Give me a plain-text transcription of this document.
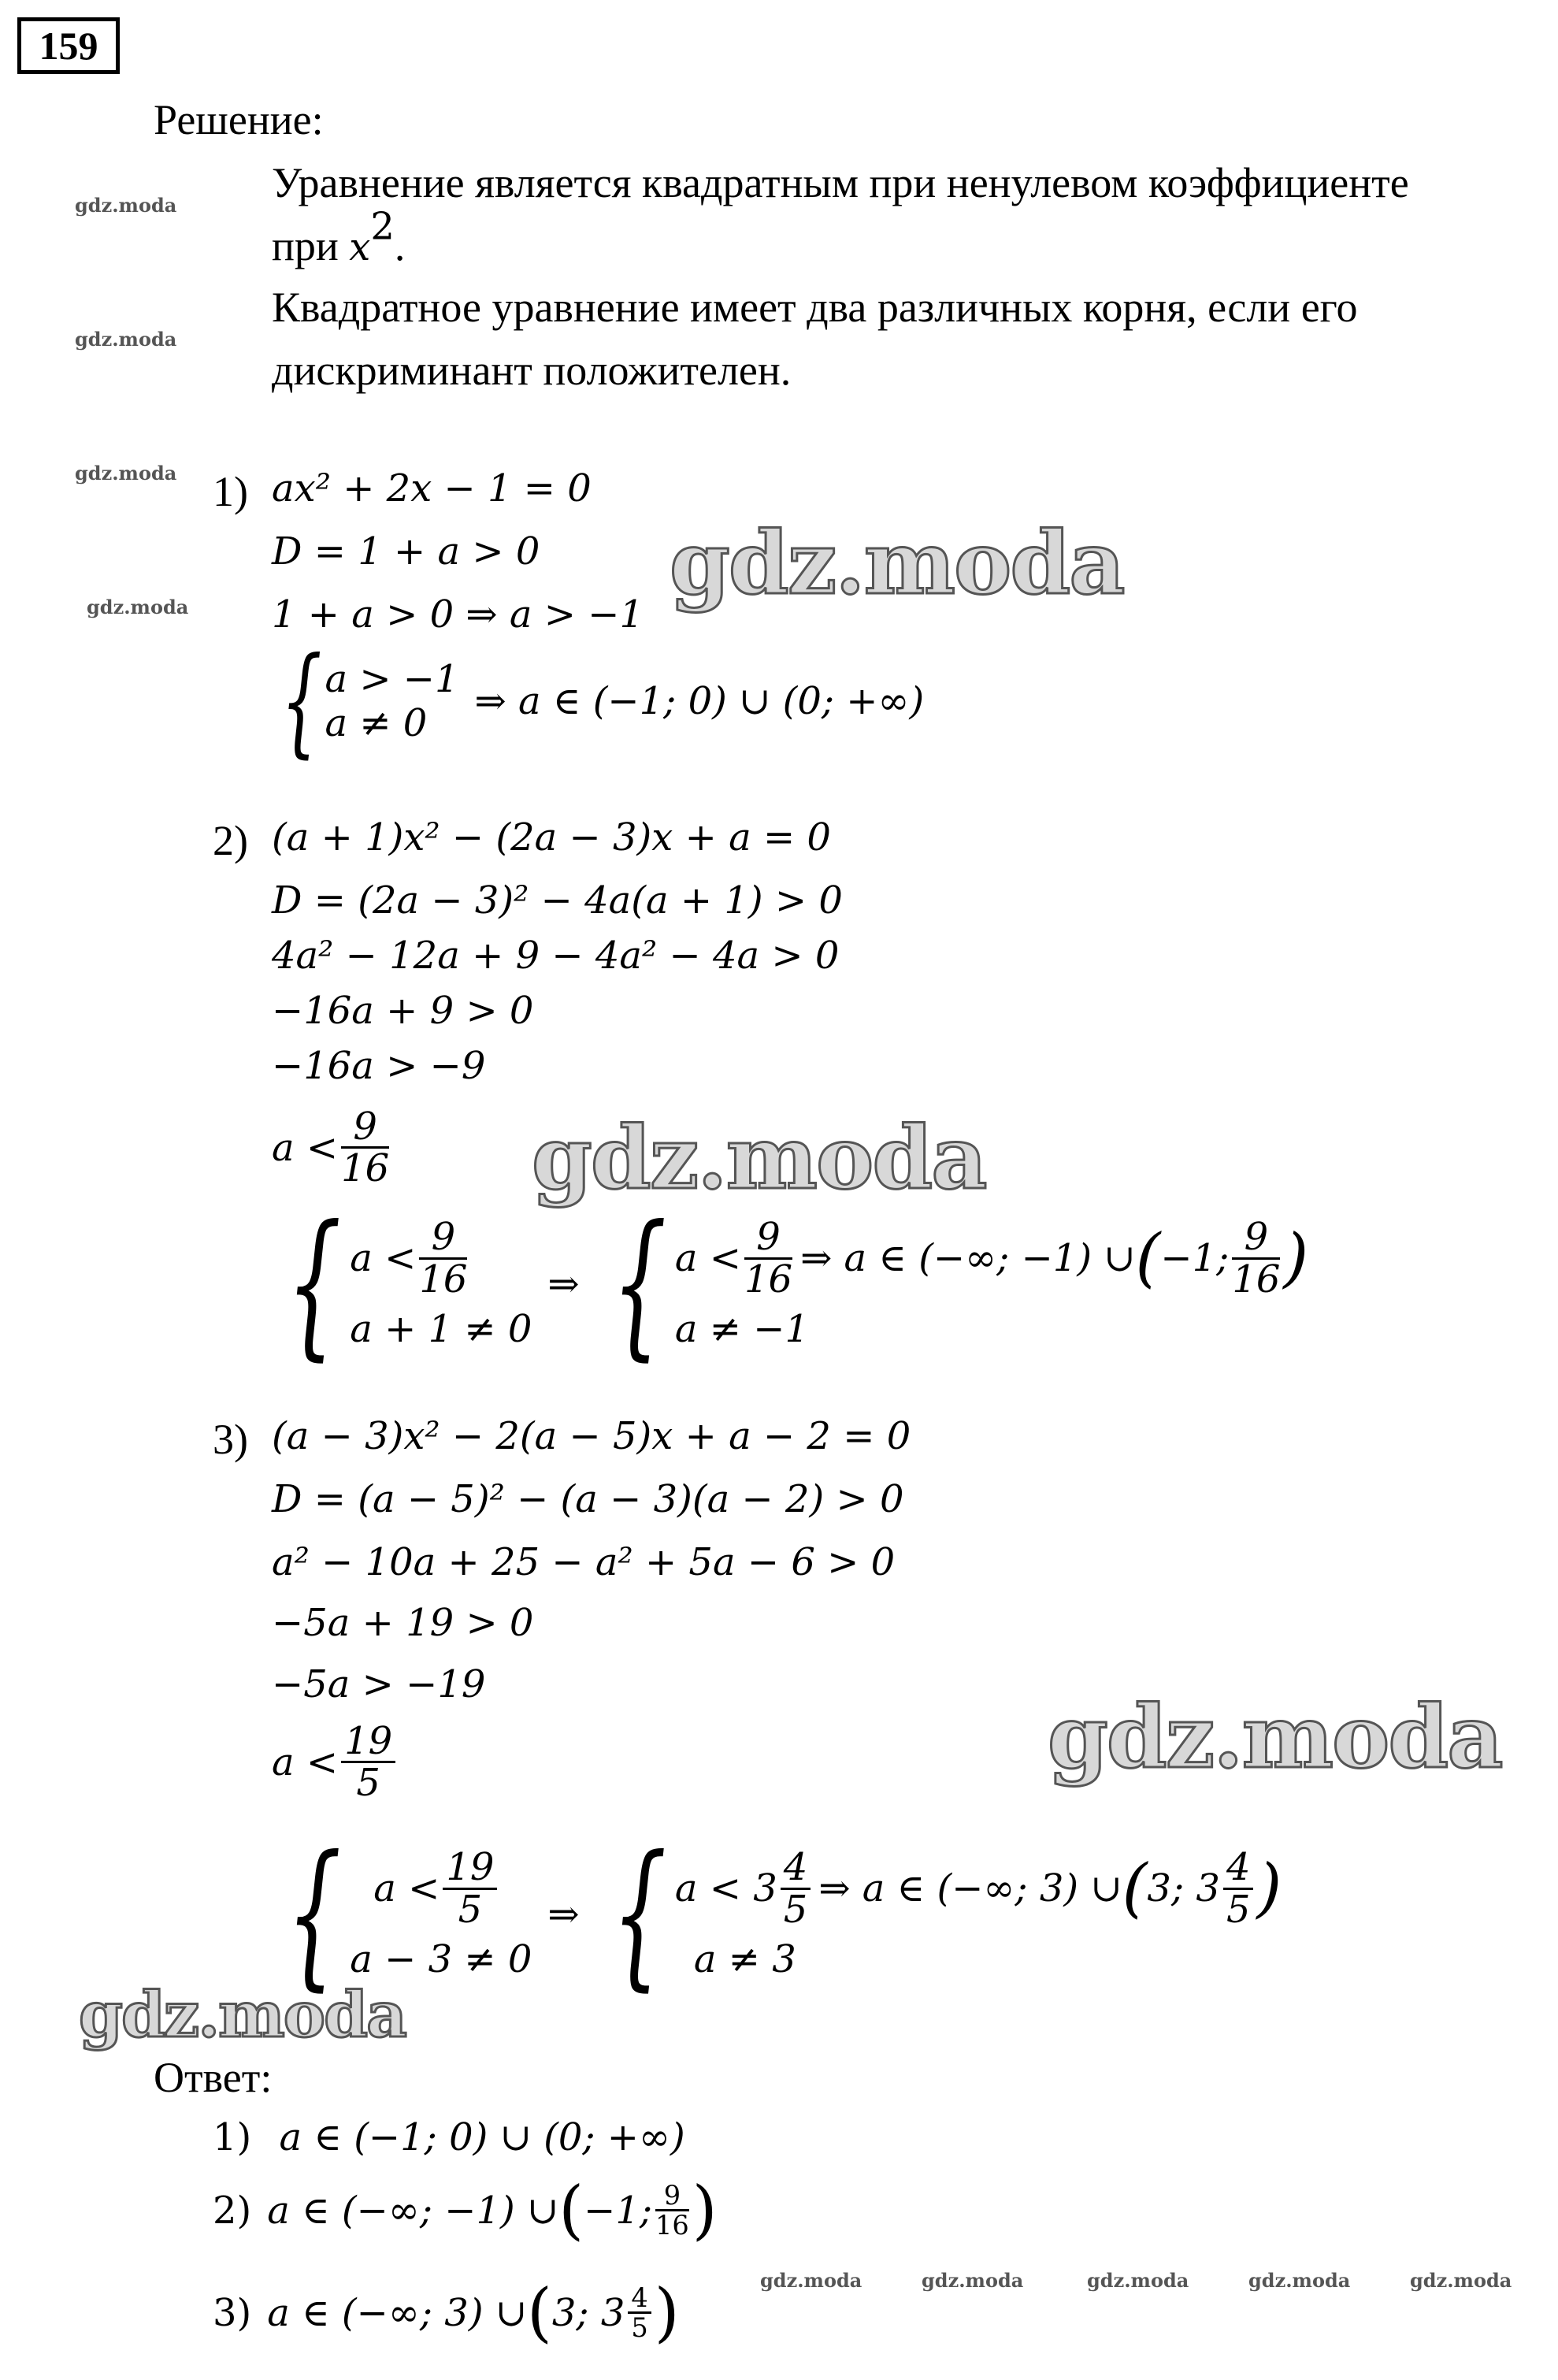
159
Решение:
Уравнение является квадратным при ненулевом коэффициенте
при $x^2$.
Квадратное уравнение имеет два различных корня, если его
дискриминант положителен.
1) ax² + 2x − 1 = 0
D = 1 + a > 0
1 + a > 0 ⇒ a > −1
{ a > −1
a ≠ 0	⇒ a ∈ (−1; 0) ∪ (0; +∞)
2) (a + 1)x² − (2a − 3)x + a = 0
D = (2a − 3)² − 4a(a + 1) > 0
4a² − 12a + 9 − 4a² − 4a > 0
−16a + 9 > 0
−16a > −9
$a < \frac{9}{16}$
{ $a < \frac{9}{16}$
a + 1 ≠ 0
⇒ { $a < \frac{9}{16}$ ⇒ a ∈ (−∞; −1) ∪ ( −1; $\frac{9}{16}$ )
a ≠ −1
3) (a − 3)x² − 2(a − 5)x + a − 2 = 0
D = (a − 5)² − (a − 3)(a − 2) > 0
a² − 10a + 25 − a² + 5a − 6 > 0
−5a + 19 > 0
−5a > −19
$a < \frac{19}{5}$
{ $a < \frac{19}{5}$
a − 3 ≠ 0
⇒ { $a < 3 \frac{4}{5}$ ⇒ a ∈ (−∞; 3) ∪ ( 3; $3 \frac{4}{5}$ )
a ≠ 3
Ответ:
1) a ∈ (−1; 0) ∪ (0; +∞)
2) a ∈ (−∞; −1) ∪ ( −1; $\frac{9}{16}$ )
3) a ∈ (−∞; 3) ∪ ( 3; $3 \frac{4}{5}$ )
gdz.moda
gdz.moda
gdz.moda
gdz.moda	gdz.moda
gdz.moda
gdz.moda
gdz.moda
gdz.moda	gdz.moda	gdz.moda	gdz.moda	gdz.moda
